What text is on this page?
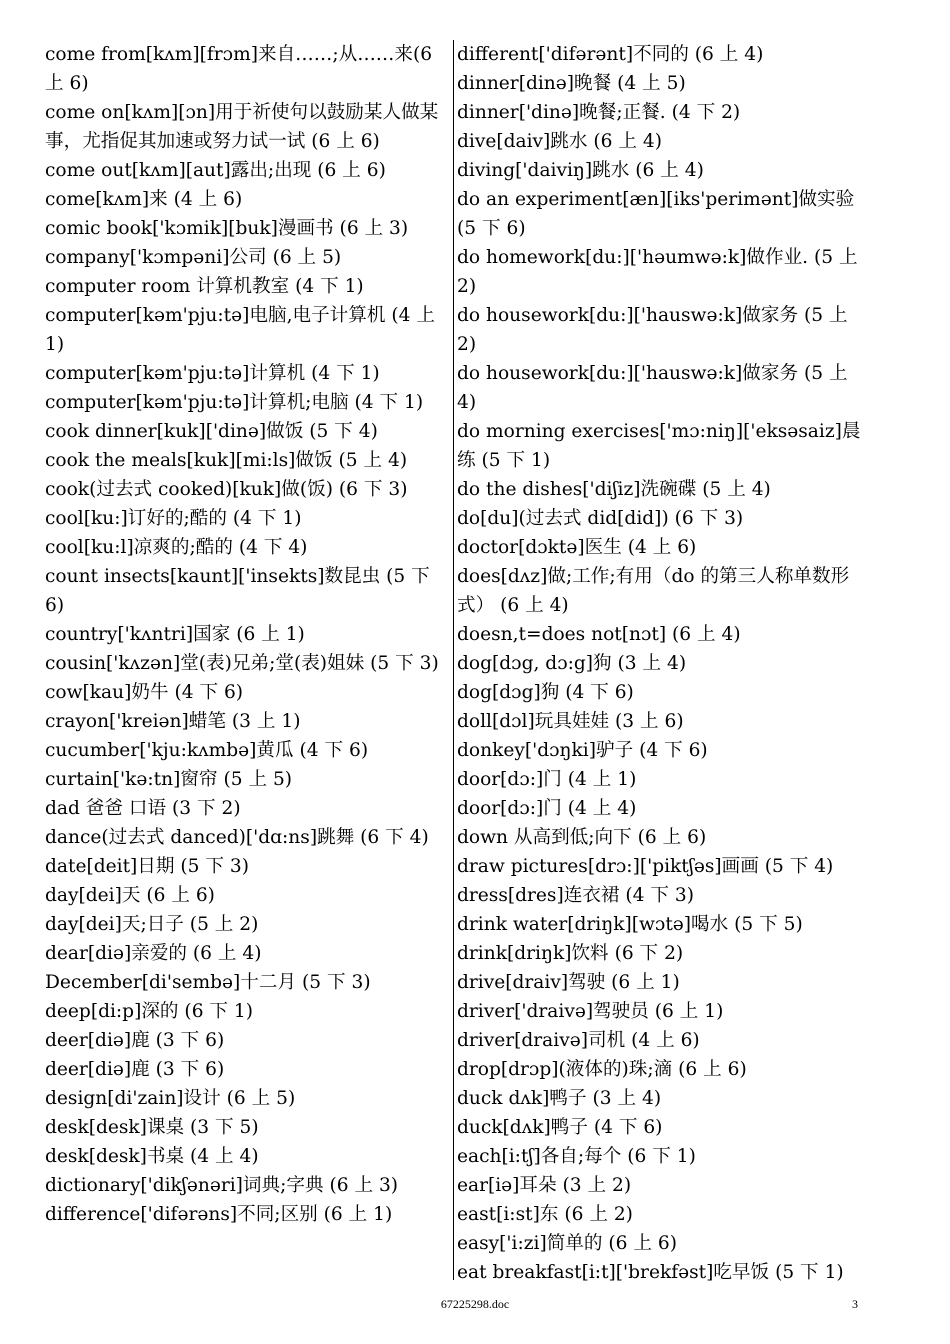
come from[kʌm][frɔm]来自……;从……来(6 上 6)

come on[kʌm][ɔn]用于祈使句以鼓励某人做某事，尤指促其加速或努力试一试 (6 上 6)

come out[kʌm][aut]露出;出现 (6 上 6)

come[kʌm]来 (4 上 6)

comic book['kɔmik][buk]漫画书 (6 上 3)

company['kɔmpəni]公司 (6 上 5)

computer room 计算机教室 (4 下 1)

computer[kəm'pju:tə]电脑,电子计算机 (4 上 1)

computer[kəm'pju:tə]计算机 (4 下 1)

computer[kəm'pju:tə]计算机;电脑 (4 下 1)

cook dinner[kuk]['dinə]做饭 (5 下 4)

cook the meals[kuk][mi:ls]做饭 (5 上 4)

cook(过去式 cooked)[kuk]做(饭) (6 下 3)

cool[ku:]订好的;酷的 (4 下 1)

cool[ku:l]凉爽的;酷的 (4 下 4)

count insects[kaunt]['insekts]数昆虫 (5 下 6)

country['kʌntri]国家 (6 上 1)

cousin['kʌzən]堂(表)兄弟;堂(表)姐妹 (5 下 3)

cow[kau]奶牛 (4 下 6)

crayon['kreiən]蜡笔 (3 上 1)

cucumber['kju:kʌmbə]黄瓜 (4 下 6)

curtain['kə:tn]窗帘 (5 上 5)

dad 爸爸 口语 (3 下 2)

dance(过去式 danced)['dɑ:ns]跳舞 (6 下 4)

date[deit]日期 (5 下 3)

day[dei]天 (6 上 6)

day[dei]天;日子 (5 上 2)

dear[diə]亲爱的 (6 上 4)

December[di'sembə]十二月 (5 下 3)

deep[di:p]深的 (6 下 1)

deer[diə]鹿 (3 下 6)

deer[diə]鹿 (3 下 6)

design[di'zain]设计 (6 上 5)

desk[desk]课桌 (3 下 5)

desk[desk]书桌 (4 上 4)

dictionary['dikʃənəri]词典;字典 (6 上 3)

difference['difərəns]不同;区别 (6 上 1)

different['difərənt]不同的 (6 上 4)

dinner[dinə]晚餐 (4 上 5)

dinner['dinə]晚餐;正餐. (4 下 2)

dive[daiv]跳水 (6 上 4)

diving['daiviŋ]跳水 (6 上 4)

do an experiment[æn][iks'perimənt]做实验(5 下 6)

do homework[du:]['həumwə:k]做作业. (5 上 2)

do housework[du:]['hauswə:k]做家务 (5 上 2)

do housework[du:]['hauswə:k]做家务 (5 上 4)

do morning exercises['mɔ:niŋ]['eksəsaiz]晨练 (5 下 1)

do the dishes['diʃiz]洗碗碟 (5 上 4)

do[du](过去式 did[did]) (6 下 3)

doctor[dɔktə]医生 (4 上 6)

does[dʌz]做;工作;有用（do 的第三人称单数形式） (6 上 4)

doesn,t=does not[nɔt] (6 上 4)

dog[dɔg, dɔ:g]狗 (3 上 4)

dog[dɔg]狗 (4 下 6)

doll[dɔl]玩具娃娃 (3 上 6)

donkey['dɔŋki]驴子 (4 下 6)

door[dɔ:]门 (4 上 1)

door[dɔ:]门 (4 上 4)

down 从高到低;向下 (6 上 6)

draw pictures[drɔ:]['piktʃəs]画画 (5 下 4)

dress[dres]连衣裙 (4 下 3)

drink water[driŋk][wɔtə]喝水 (5 下 5)

drink[driŋk]饮料 (6 下 2)

drive[draiv]驾驶 (6 上 1)

driver['draivə]驾驶员 (6 上 1)

driver[draivə]司机 (4 上 6)

drop[drɔp](液体的)珠;滴 (6 上 6)

duck dʌk]鸭子 (3 上 4)

duck[dʌk]鸭子 (4 下 6)

each[i:tʃ]各自;每个 (6 下 1)

ear[iə]耳朵 (3 上 2)

east[i:st]东 (6 上 2)

easy['i:zi]简单的 (6 上 6)

eat breakfast[i:t]['brekfəst]吃早饭 (5 下 1)

67225298.doc	3
